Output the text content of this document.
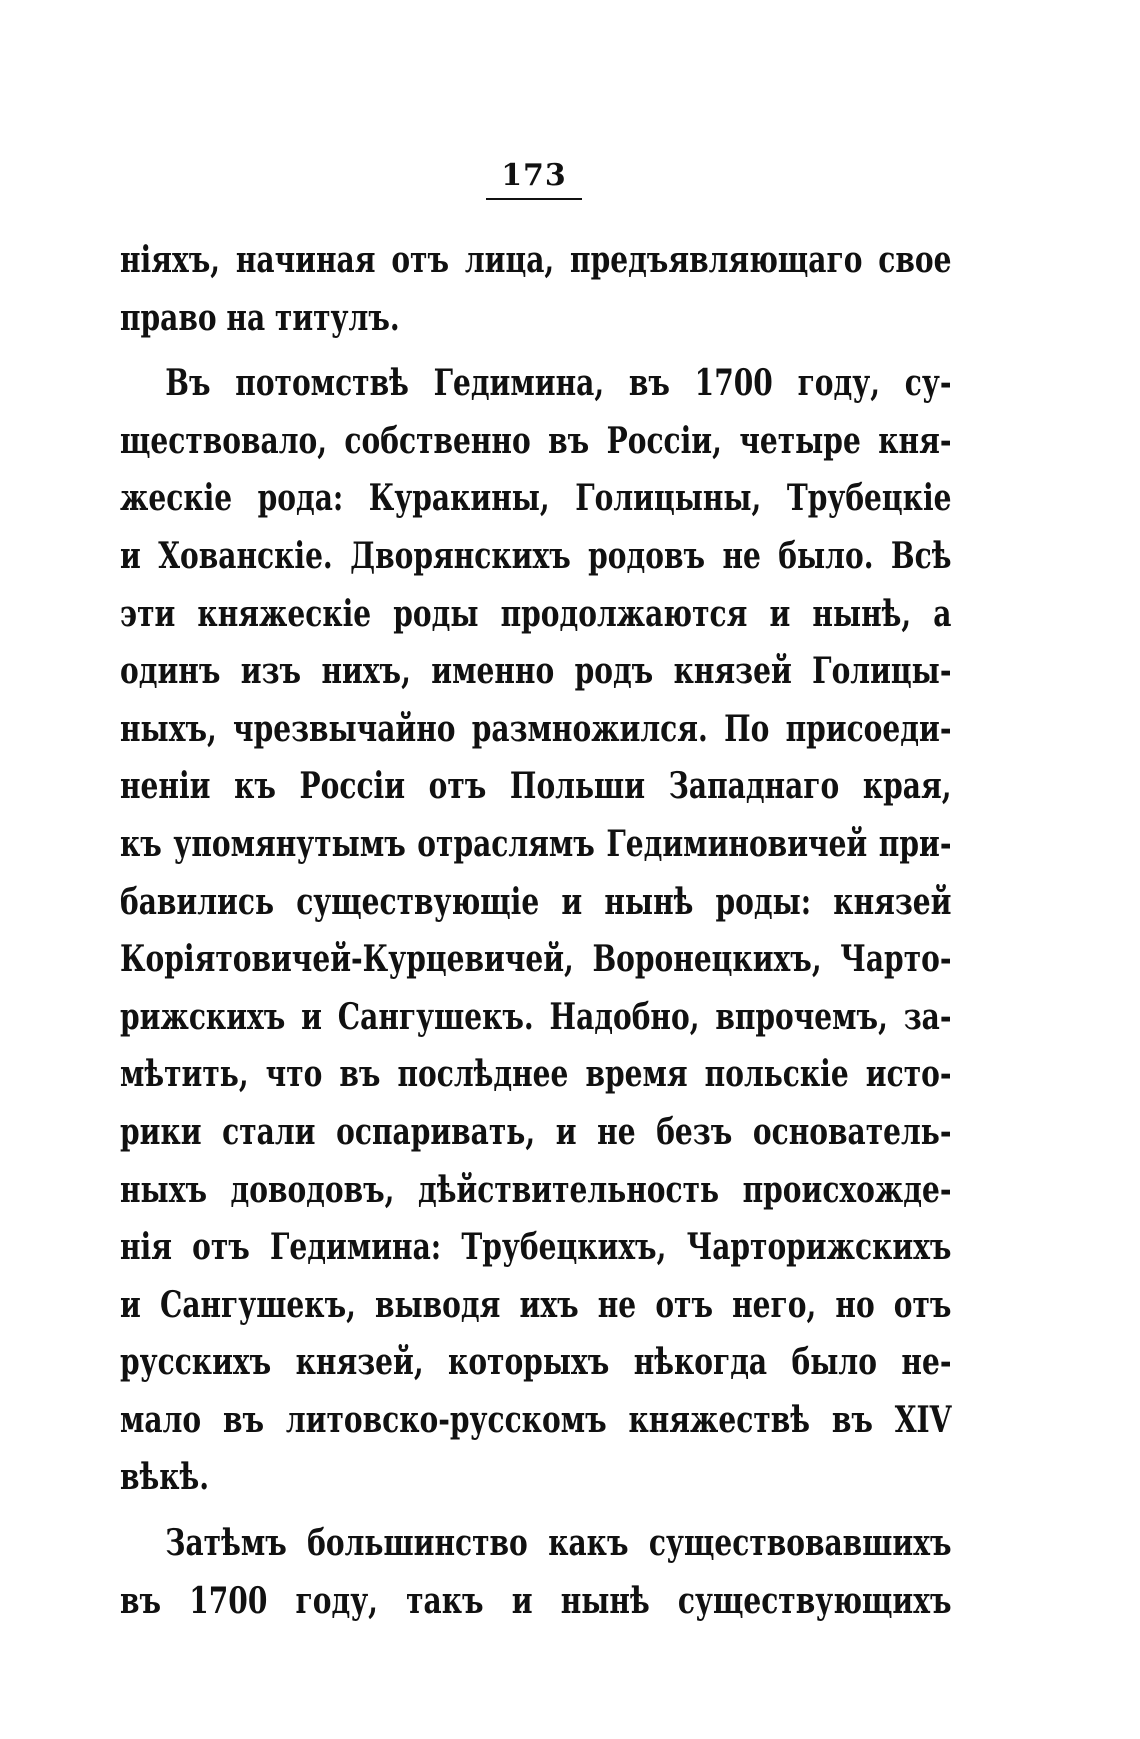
173
ніяхъ, начиная отъ лица, предъявляющаго свое
право на титулъ.
Въ потомствѣ Гедимина, въ 1700 году, су-
ществовало, собственно въ Россіи, четыре кня-
жескіе рода: Куракины, Голицыны, Трубецкіе
и Хованскіе. Дворянскихъ родовъ не было. Всѣ
эти княжескіе роды продолжаются и нынѣ, а
одинъ изъ нихъ, именно родъ князей Голицы-
ныхъ, чрезвычайно размножился. По присоеди-
неніи къ Россіи отъ Польши Западнаго края,
къ упомянутымъ отраслямъ Гедиминовичей при-
бавились существующіе и нынѣ роды: князей
Коріятовичей-Курцевичей, Воронецкихъ, Чарто-
рижскихъ и Сангушекъ. Надобно, впрочемъ, за-
мѣтить, что въ послѣднее время польскіе исто-
рики стали оспаривать, и не безъ основатель-
ныхъ доводовъ, дѣйствительность происхожде-
нія отъ Гедимина: Трубецкихъ, Чарторижскихъ
и Сангушекъ, выводя ихъ не отъ него, но отъ
русскихъ князей, которыхъ нѣкогда было не-
мало въ литовско-русскомъ княжествѣ въ XIV
вѣкѣ.
Затѣмъ большинство какъ существовавшихъ
въ 1700 году, такъ и нынѣ существующихъ
